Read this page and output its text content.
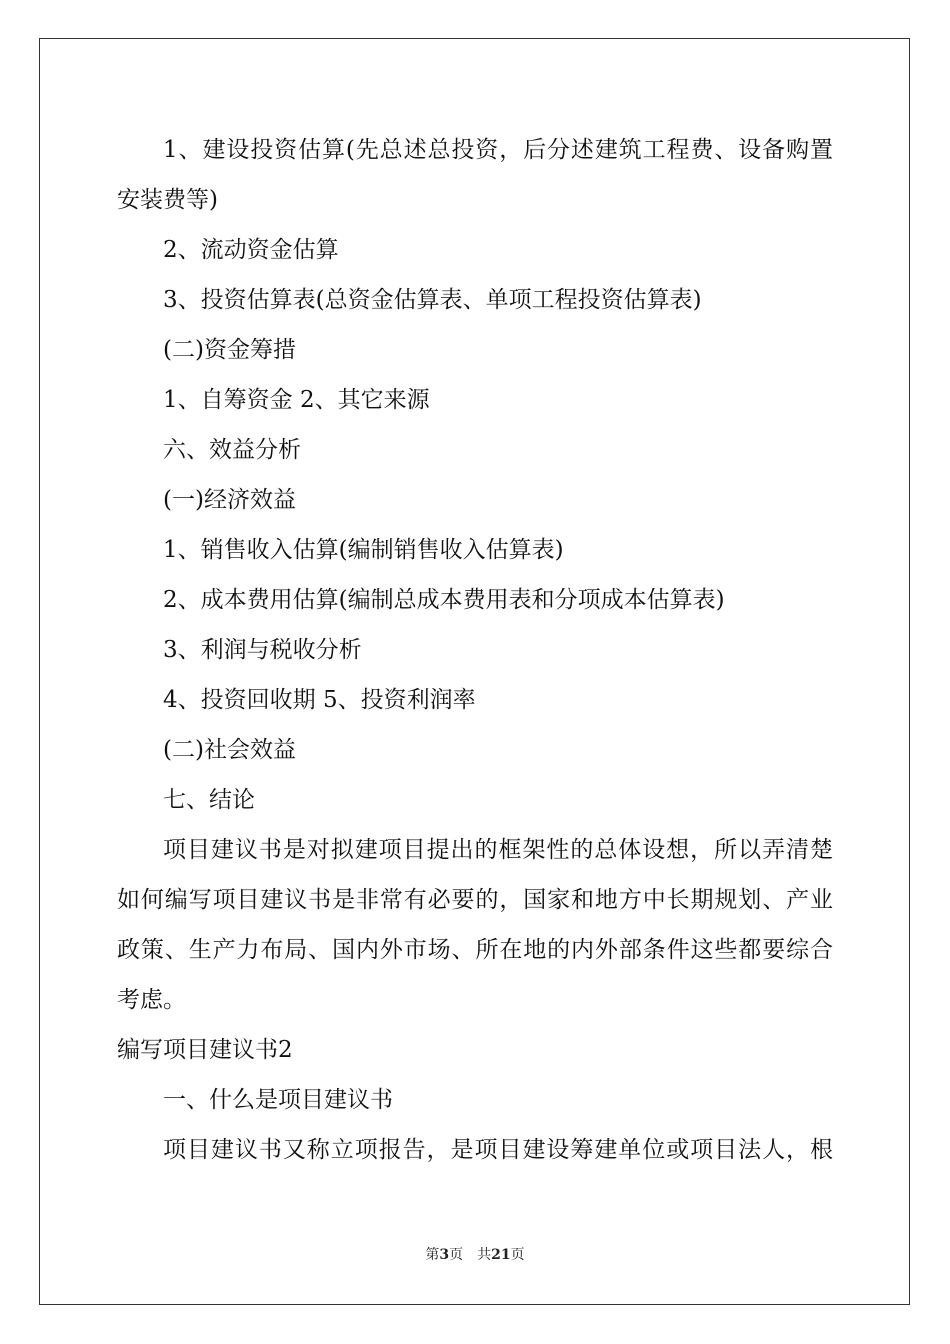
1、建设投资估算(先总述总投资，后分述建筑工程费、设备购置
安装费等)
2、流动资金估算
3、投资估算表(总资金估算表、单项工程投资估算表)
(二)资金筹措
1、自筹资金 2、其它来源
六、效益分析
(一)经济效益
1、销售收入估算(编制销售收入估算表)
2、成本费用估算(编制总成本费用表和分项成本估算表)
3、利润与税收分析
4、投资回收期 5、投资利润率
(二)社会效益
七、结论
项目建议书是对拟建项目提出的框架性的总体设想，所以弄清楚
如何编写项目建议书是非常有必要的，国家和地方中长期规划、产业
政策、生产力布局、国内外市场、所在地的内外部条件这些都要综合
考虑。
编写项目建议书2
一、什么是项目建议书
项目建议书又称立项报告，是项目建设筹建单位或项目法人，根
第3页 共21页
